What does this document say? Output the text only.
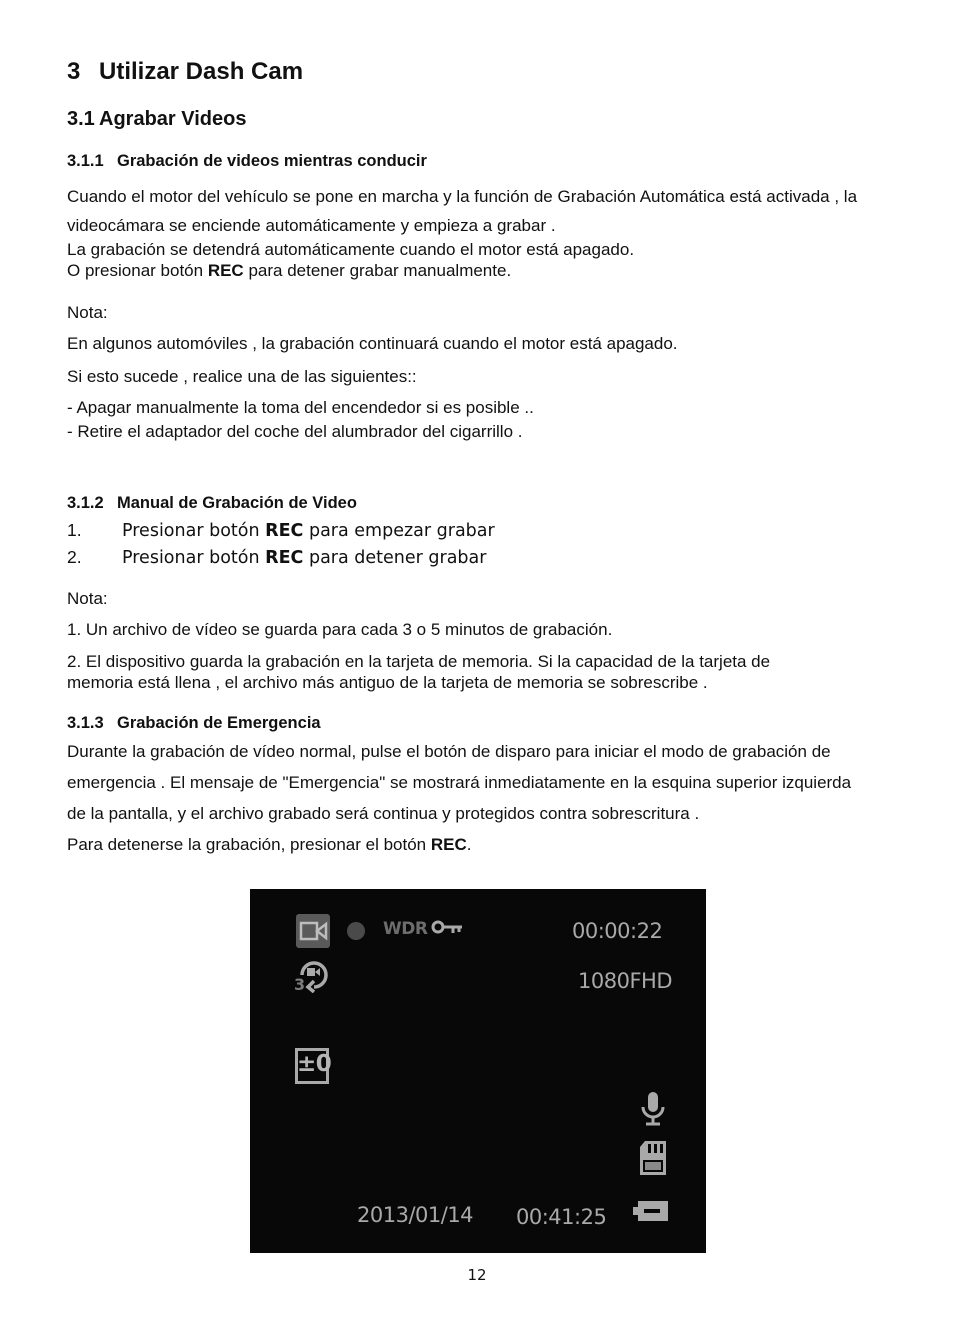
3 Utilizar Dash Cam
3.1 Agrabar Videos
3.1.1 Grabación de videos mientras conducir
Cuando el motor del vehículo se pone en marcha y la función de Grabación Automática está activada , la
videocámara se enciende automáticamente y empieza a grabar .
La grabación se detendrá automáticamente cuando el motor está apagado.
O presionar botón REC para detener grabar manualmente.
Nota:
En algunos automóviles , la grabación continuará cuando el motor está apagado.
Si esto sucede , realice una de las siguientes::
- Apagar manualmente la toma del encendedor si es posible ..
- Retire el adaptador del coche del alumbrador del cigarrillo .
3.1.2 Manual de Grabación de Video
1. Presionar botón REC para empezar grabar
2. Presionar botón REC para detener grabar
Nota:
1. Un archivo de vídeo se guarda para cada 3 o 5 minutos de grabación.
2. El dispositivo guarda la grabación en la tarjeta de memoria. Si la capacidad de la tarjeta de
memoria está llena , el archivo más antiguo de la tarjeta de memoria se sobrescribe .
3.1.3 Grabación de Emergencia
Durante la grabación de vídeo normal, pulse el botón de disparo para iniciar el modo de grabación de
emergencia . El mensaje de "Emergencia" se mostrará inmediatamente en la esquina superior izquierda
de la pantalla, y el archivo grabado será continua y protegidos contra sobrescritura .
Para detenerse la grabación, presionar el botón REC.
WDR	00:00:22
3	1080FHD
±0
2013/01/14 00:41:25
12
